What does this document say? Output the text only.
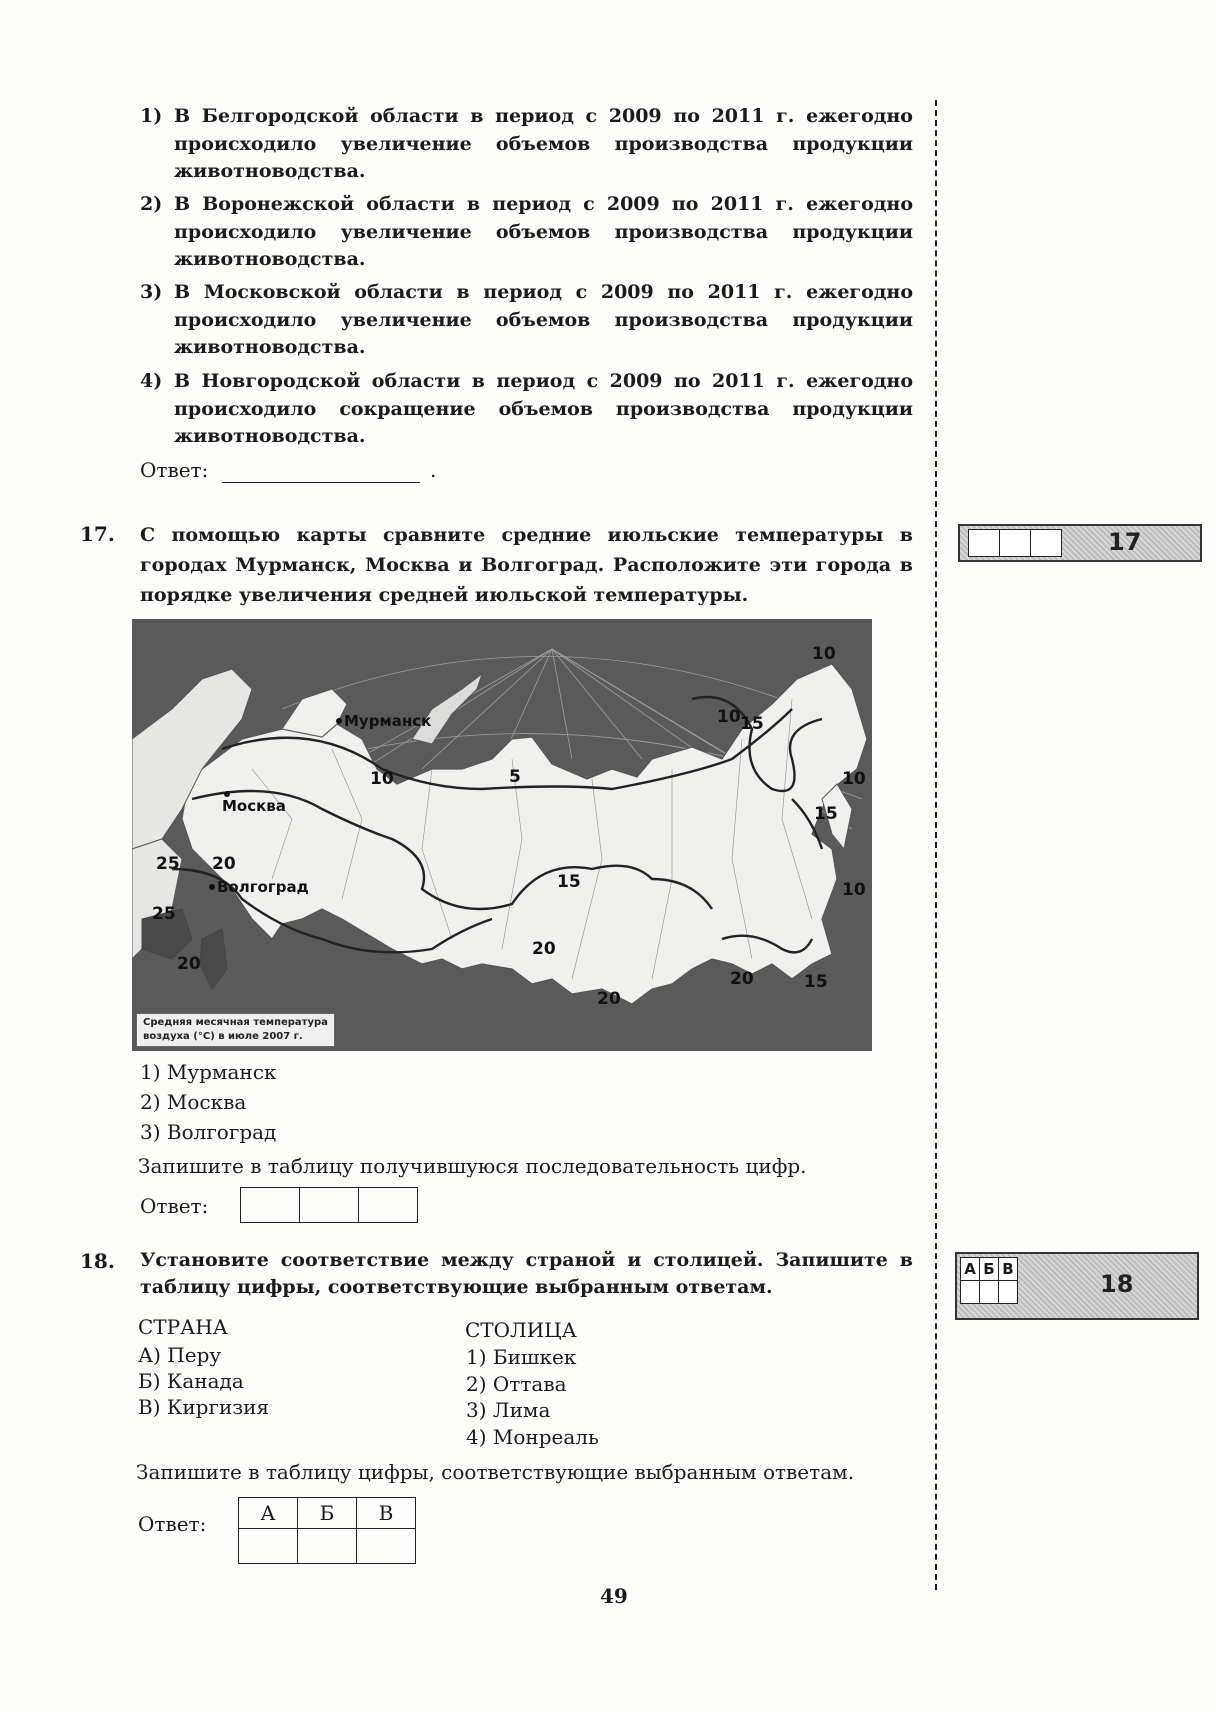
1) В Белгородской области в период с 2009 по 2011 г. ежегодно происходило увеличение объемов производства продукции животноводства.
2) В Воронежской области в период с 2009 по 2011 г. ежегодно происходило увеличение объемов производства продукции животноводства.
3) В Московской области в период с 2009 по 2011 г. ежегодно происходило увеличение объемов производства продукции животноводства.
4) В Новгородской области в период с 2009 по 2011 г. ежегодно происходило сокращение объемов производства продукции животноводства.
Ответ:	.
17. С помощью карты сравните средние июльские температуры в городах Мурманск, Москва и Волгоград. Расположите эти города в порядке увеличения средней июльской температуры.

17
5
10
10 15
10
15
10
15
20
25
25
20
20
20
20	15
10
Мурманск
Москва
Волгоград
Средняя месячная температура
воздуха (°С) в июле 2007 г.
1) Мурманск
2) Москва
3) Волгоград
Запишите в таблицу получившуюся последовательность цифр.
Ответ:

18. Установите соответствие между страной и столицей. Запишите в таблицу цифры, соответствующие выбранным ответам.
А	Б	В

18
СТРАНА
А) Перу
Б) Канада
В) Киргизия
СТОЛИЦА
1) Бишкек
2) Оттава
3) Лима
4) Монреаль
Запишите в таблицу цифры, соответствующие выбранным ответам.
Ответ:	А	Б	В

49
